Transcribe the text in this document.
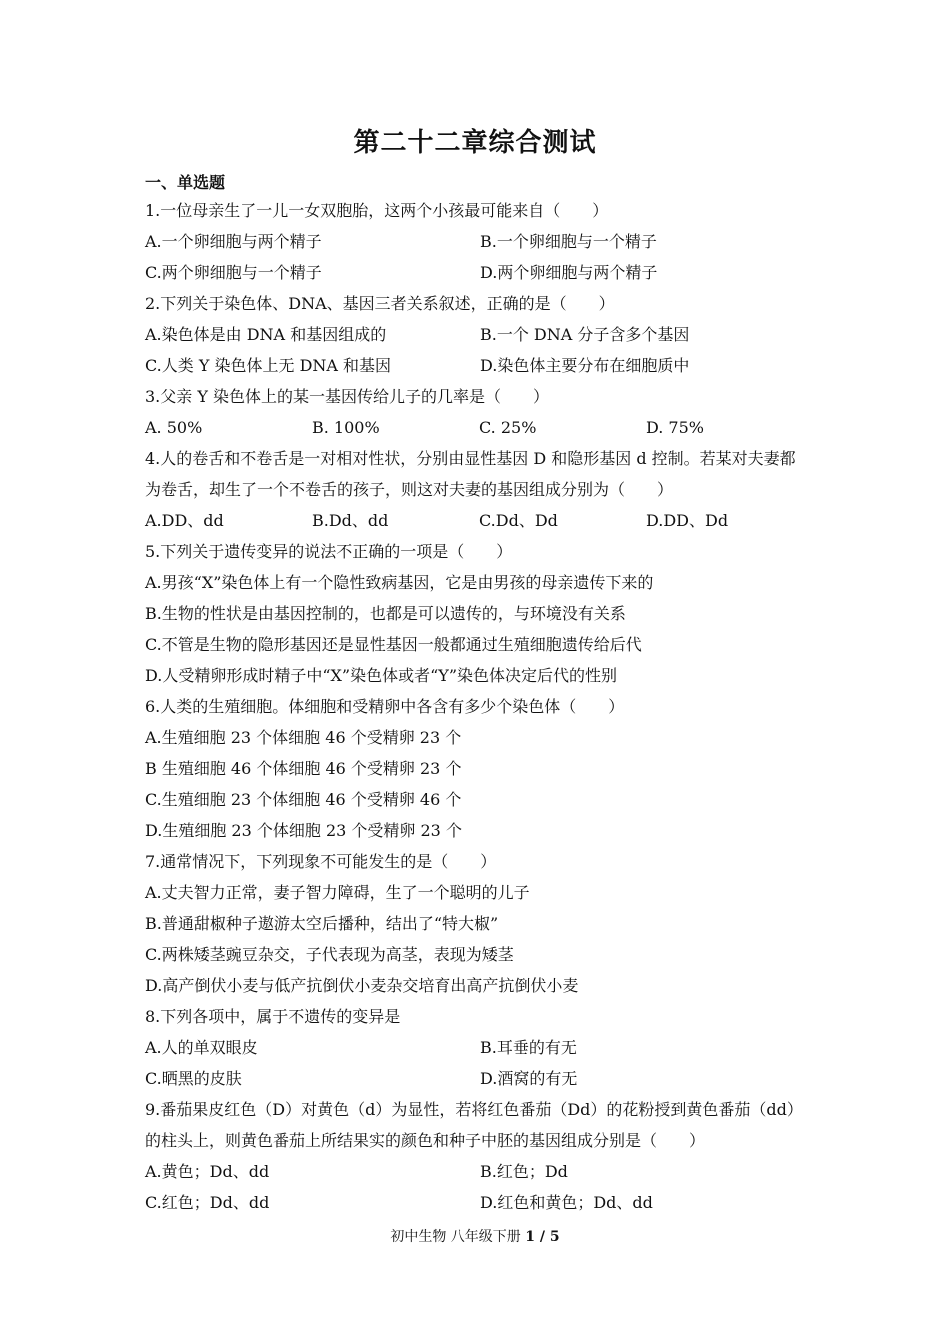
第二十二章综合测试
一、单选题
1.一位母亲生了一儿一女双胞胎，这两个小孩最可能来自（　　）
A.一个卵细胞与两个精子	B.一个卵细胞与一个精子
C.两个卵细胞与一个精子	D.两个卵细胞与两个精子
2.下列关于染色体、DNA、基因三者关系叙述，正确的是（　　）
A.染色体是由 DNA 和基因组成的	B.一个 DNA 分子含多个基因
C.人类 Y 染色体上无 DNA 和基因	D.染色体主要分布在细胞质中
3.父亲 Y 染色体上的某一基因传给儿子的几率是（　　）
A. 50%	B. 100%	C. 25%	D. 75%
4.人的卷舌和不卷舌是一对相对性状，分别由显性基因 D 和隐形基因 d 控制。若某对夫妻都
为卷舌，却生了一个不卷舌的孩子，则这对夫妻的基因组成分别为（　　）
A.DD、dd	B.Dd、dd	C.Dd、Dd	D.DD、Dd
5.下列关于遗传变异的说法不正确的一项是（　　）
A.男孩“X”染色体上有一个隐性致病基因，它是由男孩的母亲遗传下来的
B.生物的性状是由基因控制的，也都是可以遗传的，与环境没有关系
C.不管是生物的隐形基因还是显性基因一般都通过生殖细胞遗传给后代
D.人受精卵形成时精子中“X”染色体或者“Y”染色体决定后代的性别
6.人类的生殖细胞。体细胞和受精卵中各含有多少个染色体（　　）
A.生殖细胞 23 个体细胞 46 个受精卵 23 个
B 生殖细胞 46 个体细胞 46 个受精卵 23 个
C.生殖细胞 23 个体细胞 46 个受精卵 46 个
D.生殖细胞 23 个体细胞 23 个受精卵 23 个
7.通常情况下，下列现象不可能发生的是（　　）
A.丈夫智力正常，妻子智力障碍，生了一个聪明的儿子
B.普通甜椒种子遨游太空后播种，结出了“特大椒”
C.两株矮茎豌豆杂交，子代表现为高茎，表现为矮茎
D.高产倒伏小麦与低产抗倒伏小麦杂交培育出高产抗倒伏小麦
8.下列各项中，属于不遗传的变异是
A.人的单双眼皮	B.耳垂的有无
C.晒黑的皮肤	D.酒窝的有无
9.番茄果皮红色（D）对黄色（d）为显性，若将红色番茄（Dd）的花粉授到黄色番茄（dd）
的柱头上，则黄色番茄上所结果实的颜色和种子中胚的基因组成分别是（　　）
A.黄色；Dd、dd	B.红色；Dd
C.红色；Dd、dd	D.红色和黄色；Dd、dd
初中生物 八年级下册 1 / 5
